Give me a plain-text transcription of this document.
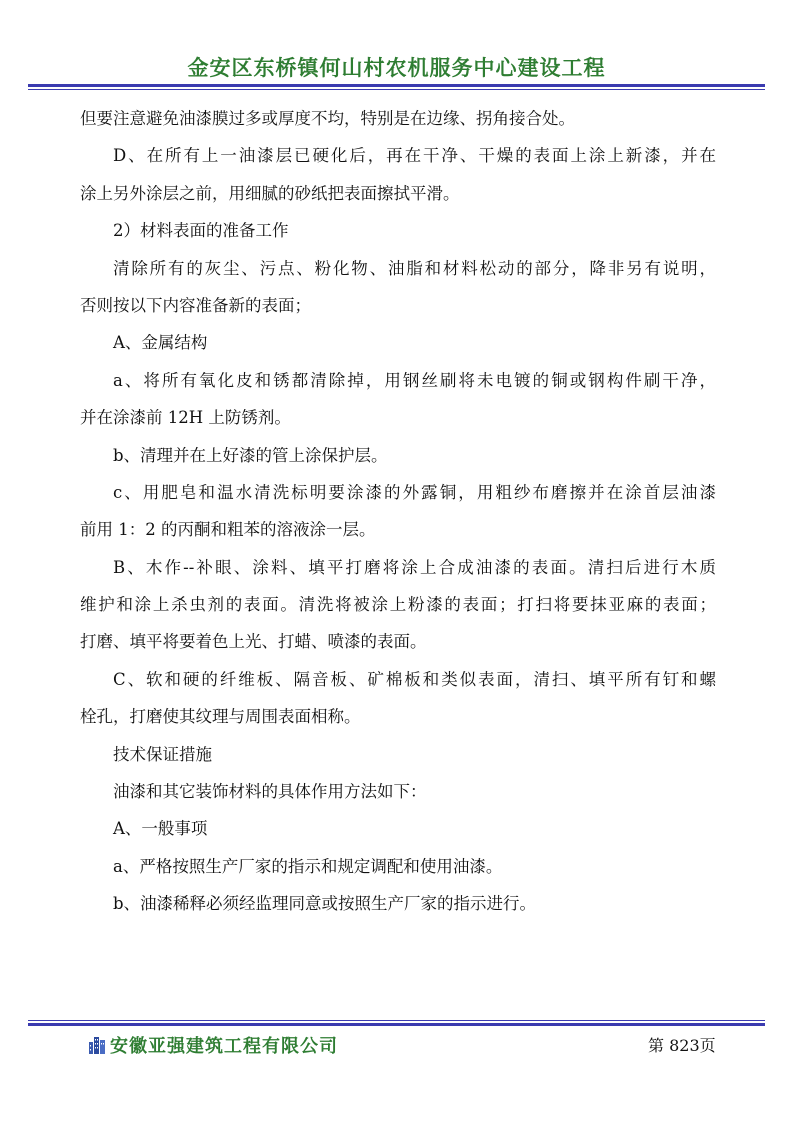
金安区东桥镇何山村农机服务中心建设工程
但要注意避免油漆膜过多或厚度不均，特别是在边缘、拐角接合处。
D、在所有上一油漆层已硬化后，再在干净、干燥的表面上涂上新漆，并在
涂上另外涂层之前，用细腻的砂纸把表面擦拭平滑。
2）材料表面的准备工作
清除所有的灰尘、污点、粉化物、油脂和材料松动的部分，降非另有说明，
否则按以下内容准备新的表面；
A、金属结构
a、将所有氧化皮和锈都清除掉，用钢丝刷将未电镀的铜或钢构件刷干净，
并在涂漆前 12H 上防锈剂。
b、清理并在上好漆的管上涂保护层。
c、用肥皂和温水清洗标明要涂漆的外露铜，用粗纱布磨擦并在涂首层油漆
前用 1：2 的丙酮和粗苯的溶液涂一层。
B、木作--补眼、涂料、填平打磨将涂上合成油漆的表面。清扫后进行木质
维护和涂上杀虫剂的表面。清洗将被涂上粉漆的表面；打扫将要抹亚麻的表面；
打磨、填平将要着色上光、打蜡、喷漆的表面。
C、软和硬的纤维板、隔音板、矿棉板和类似表面，清扫、填平所有钉和螺
栓孔，打磨使其纹理与周围表面相称。
技术保证措施
油漆和其它装饰材料的具体作用方法如下：
A、一般事项
a、严格按照生产厂家的指示和规定调配和使用油漆。
b、油漆稀释必须经监理同意或按照生产厂家的指示进行。
安徽亚强建筑工程有限公司	第 823页
